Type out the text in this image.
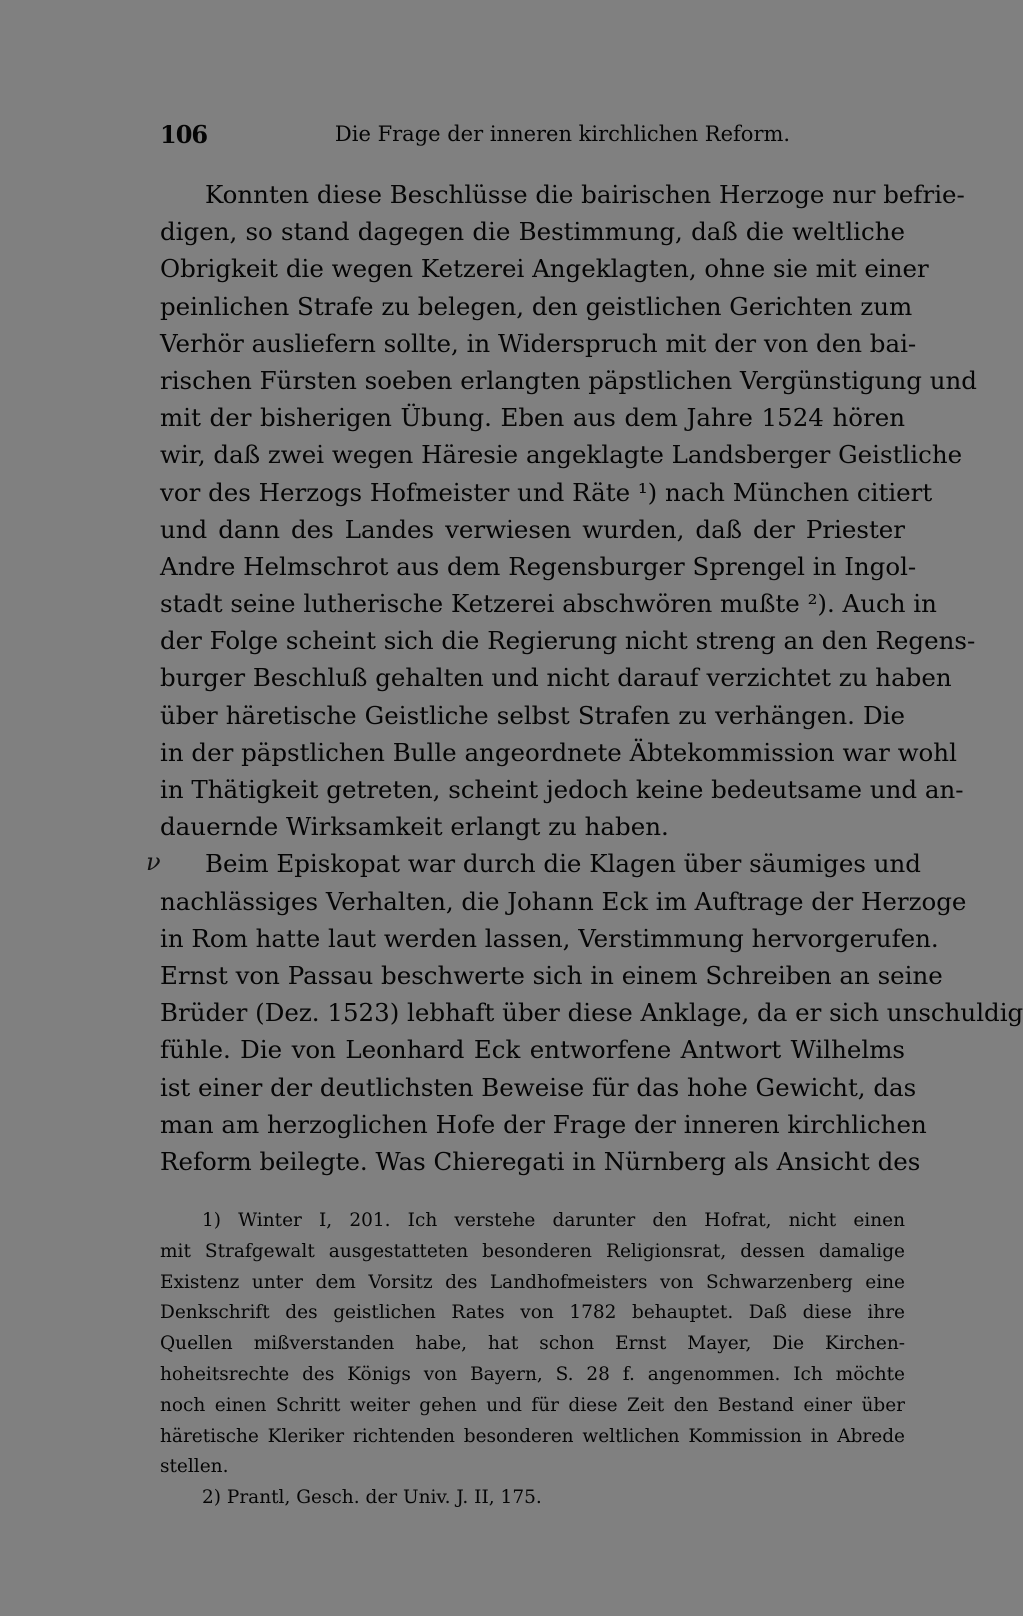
106	Die Frage der inneren kirchlichen Reform.
ν
Konnten diese Beschlüsse die bairischen Herzoge nur befrie-
digen, so stand dagegen die Bestimmung, daß die weltliche
Obrigkeit die wegen Ketzerei Angeklagten, ohne sie mit einer
peinlichen Strafe zu belegen, den geistlichen Gerichten zum
Verhör ausliefern sollte, in Widerspruch mit der von den bai-
rischen Fürsten soeben erlangten päpstlichen Vergünstigung und
mit der bisherigen Übung. Eben aus dem Jahre 1524 hören
wir, daß zwei wegen Häresie angeklagte Landsberger Geistliche
vor des Herzogs Hofmeister und Räte ¹) nach München citiert
und dann des Landes verwiesen wurden, daß der Priester
Andre Helmschrot aus dem Regensburger Sprengel in Ingol-
stadt seine lutherische Ketzerei abschwören mußte ²). Auch in
der Folge scheint sich die Regierung nicht streng an den Regens-
burger Beschluß gehalten und nicht darauf verzichtet zu haben
über häretische Geistliche selbst Strafen zu verhängen. Die
in der päpstlichen Bulle angeordnete Äbtekommission war wohl
in Thätigkeit getreten, scheint jedoch keine bedeutsame und an-
dauernde Wirksamkeit erlangt zu haben.
Beim Episkopat war durch die Klagen über säumiges und
nachlässiges Verhalten, die Johann Eck im Auftrage der Herzoge
in Rom hatte laut werden lassen, Verstimmung hervorgerufen.
Ernst von Passau beschwerte sich in einem Schreiben an seine
Brüder (Dez. 1523) lebhaft über diese Anklage, da er sich unschuldig
fühle. Die von Leonhard Eck entworfene Antwort Wilhelms
ist einer der deutlichsten Beweise für das hohe Gewicht, das
man am herzoglichen Hofe der Frage der inneren kirchlichen
Reform beilegte. Was Chieregati in Nürnberg als Ansicht des
1) Winter I, 201. Ich verstehe darunter den Hofrat, nicht einen
mit Strafgewalt ausgestatteten besonderen Religionsrat, dessen damalige
Existenz unter dem Vorsitz des Landhofmeisters von Schwarzenberg eine
Denkschrift des geistlichen Rates von 1782 behauptet. Daß diese ihre
Quellen mißverstanden habe, hat schon Ernst Mayer, Die Kirchen-
hoheitsrechte des Königs von Bayern, S. 28 f. angenommen. Ich möchte
noch einen Schritt weiter gehen und für diese Zeit den Bestand einer über
häretische Kleriker richtenden besonderen weltlichen Kommission in Abrede
stellen.
2) Prantl, Gesch. der Univ. J. II, 175.
